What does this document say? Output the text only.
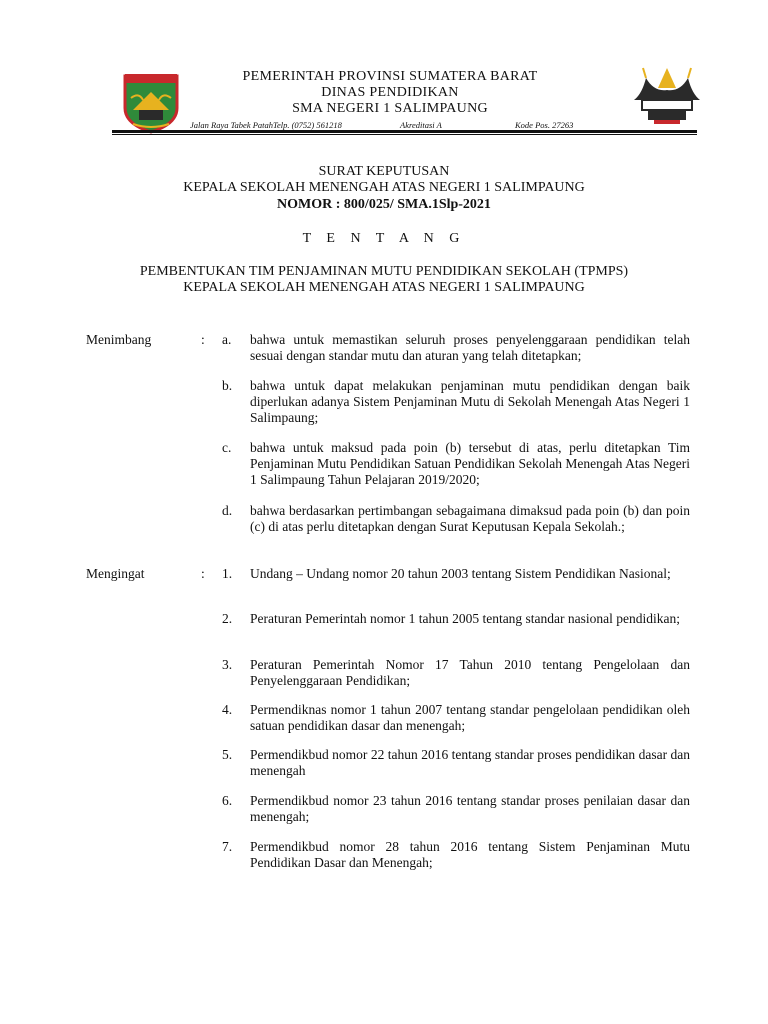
PEMERINTAH PROVINSI SUMATERA BARAT
DINAS PENDIDIKAN
SMA NEGERI 1 SALIMPAUNG
Jalan Raya Tabek PatahTelp. (0752) 561218	Akreditasi A	Kode Pos. 27263
SURAT KEPUTUSAN
KEPALA SEKOLAH MENENGAH ATAS NEGERI 1 SALIMPAUNG
NOMOR : 800/025/ SMA.1Slp-2021
T E N T A N G
PEMBENTUKAN TIM PENJAMINAN MUTU PENDIDIKAN SEKOLAH (TPMPS)
KEPALA SEKOLAH MENENGAH ATAS NEGERI 1 SALIMPAUNG
Menimbang	: a. bahwa untuk memastikan seluruh proses penyelenggaraan pendidikan telah sesuai dengan standar mutu dan aturan yang telah ditetapkan;
b. bahwa untuk dapat melakukan penjaminan mutu pendidikan dengan baik diperlukan adanya Sistem Penjaminan Mutu di Sekolah Menengah Atas Negeri 1 Salimpaung;
c. bahwa untuk maksud pada poin (b) tersebut di atas, perlu ditetapkan Tim Penjaminan Mutu Pendidikan Satuan Pendidikan Sekolah Menengah Atas Negeri 1 Salimpaung Tahun Pelajaran 2019/2020;
d. bahwa berdasarkan pertimbangan sebagaimana dimaksud pada poin (b) dan poin (c) di atas perlu ditetapkan dengan Surat Keputusan Kepala Sekolah.;
Mengingat	: 1. Undang – Undang nomor 20 tahun 2003 tentang Sistem Pendidikan Nasional;
2. Peraturan Pemerintah nomor 1 tahun 2005 tentang standar nasional pendidikan;
3. Peraturan Pemerintah Nomor 17 Tahun 2010 tentang Pengelolaan dan Penyelenggaraan Pendidikan;
4. Permendiknas nomor 1 tahun 2007 tentang standar pengelolaan pendidikan oleh satuan pendidikan dasar dan menengah;
5. Permendikbud nomor 22 tahun 2016 tentang standar proses pendidikan dasar dan menengah
6. Permendikbud nomor 23 tahun 2016 tentang standar proses penilaian dasar dan menengah;
7. Permendikbud nomor 28 tahun 2016 tentang Sistem Penjaminan Mutu Pendidikan Dasar dan Menengah;
